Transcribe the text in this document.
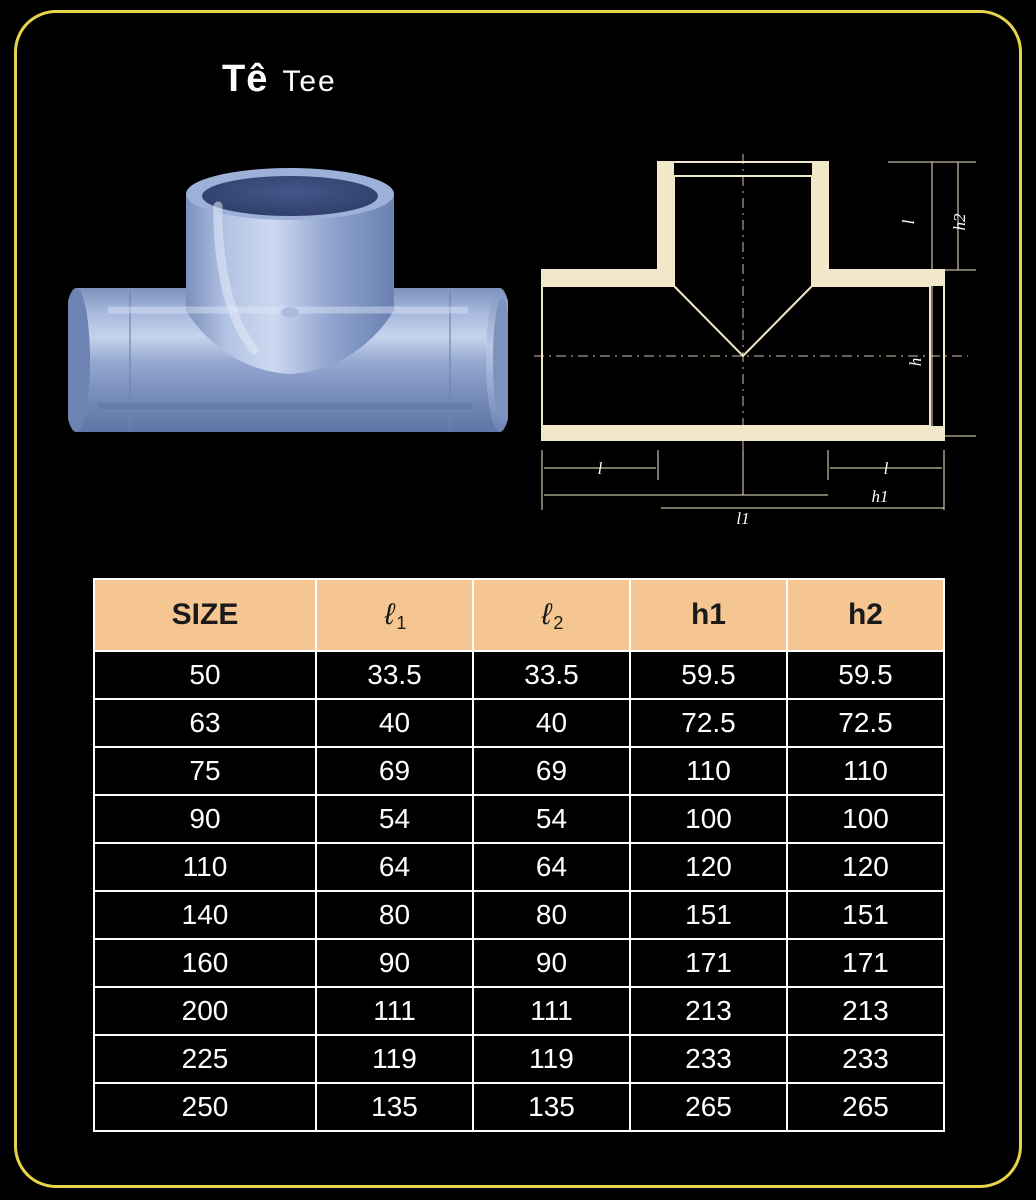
Tê Tee
l h2
h
l	l
h1
l1
SIZE	ℓ $_1$	ℓ $_2$	h1	h2
50	33.5	33.5	59.5	59.5
63	40	40	72.5	72.5
75	69	69	110	110
90	54	54	100	100
110	64	64	120	120
140	80	80	151	151
160	90	90	171	171
200	111	111	213	213
225	119	119	233	233
250	135	135	265	265
